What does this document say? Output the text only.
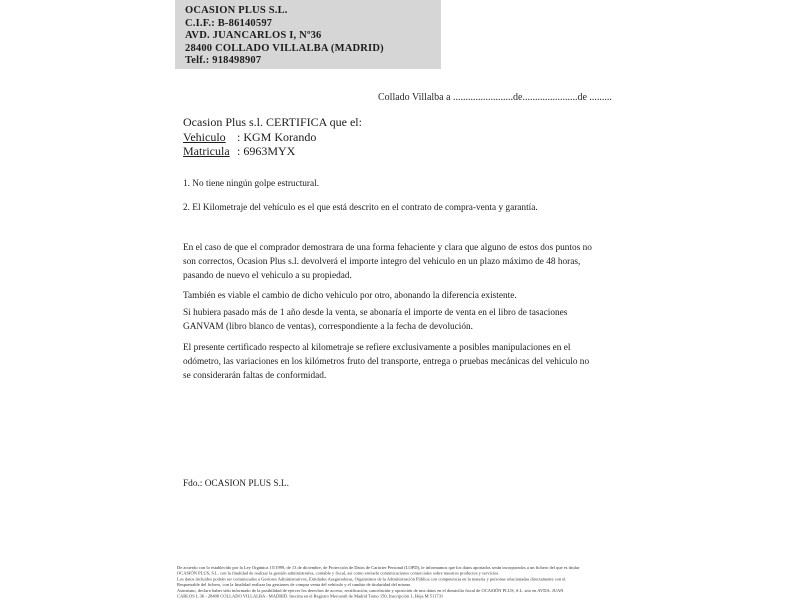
OCASION PLUS S.L.
C.I.F.: B-86140597
AVD. JUANCARLOS I, Nº36
28400 COLLADO VILLALBA (MADRID)
Telf.: 918498907
Collado Villalba a ........................de......................de .........
Ocasion Plus s.l. CERTIFICA que el:
Vehiculo : KGM Korando
Matricula : 6963MYX
1. No tiene ningún golpe estructural.
2. El Kilometraje del vehículo es el que está descrito en el contrato de compra-venta y garantía.
En el caso de que el comprador demostrara de una forma fehaciente y clara que alguno de estos dos puntos no
son correctos, Ocasion Plus s.l. devolverá el importe integro del vehiculo en un plazo máximo de 48 horas,
pasando de nuevo el vehiculo a su propiedad.
También es viable el cambio de dicho vehiculo por otro, abonando la diferencia existente.
Si hubiera pasado más de 1 año desde la venta, se abonaría el importe de venta en el libro de tasaciones
GANVAM (libro blanco de ventas), correspondiente a la fecha de devolución.
El presente certificado respecto al kilometraje se refiere exclusivamente a posibles manipulaciones en el
odómetro, las variaciones en los kilómetros fruto del transporte, entrega o pruebas mecánicas del vehiculo no
se considerarán faltas de conformidad.
Fdo.: OCASION PLUS S.L.
De acuerdo con lo establecido por la Ley Orgánica 15/1999, de 13 de diciembre, de Protección de Datos de Carácter Personal (LOPD), le informamos que los datos aportados serán incorporados a un fichero del que es titular
OCASIÓN PLUS, S.L. con la finalidad de realizar la gestión administrativa, contable y fiscal, así como enviarle comunicaciones comerciales sobre nuestros productos y servicios.
Los datos incluidos podrán ser comunicados a Gestores Administrativos, Entidades Aseguradoras, Organismos de la Administración Pública con competencia en la materia y personas relacionadas directamente con el
Responsable del fichero, con la finalidad realizar las gestiones de compra venta del vehículo y el cambio de titularidad del mismo.
Asimismo, declaro haber sido informado de la posibilidad de ejercer los derechos de acceso, rectificación, cancelación y oposición de mis datos en el domicilio fiscal de OCASIÓN PLUS, S.L. sito en AVDA. JUAN
CARLOS I, 36 - 28400 COLLADO VILLALBA - MADRID. Inscrita en el Registro Mercantil de Madrid Tomo 150, Inscripción 1, Hoja M 511731
